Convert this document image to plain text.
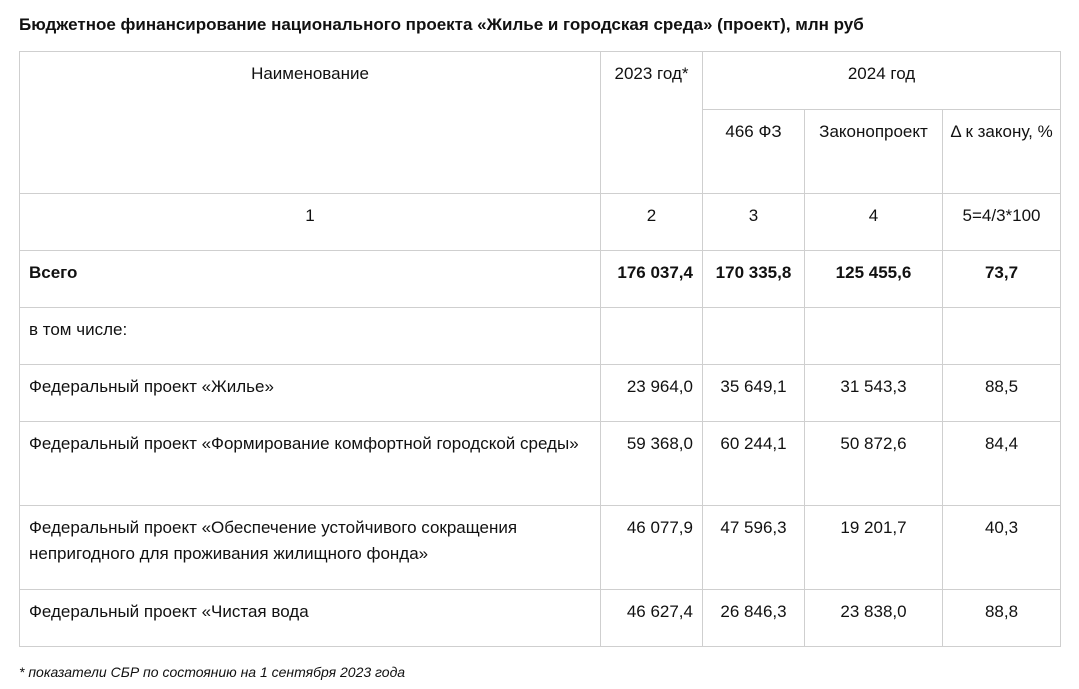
Бюджетное финансирование национального проекта «Жилье и городская среда» (проект), млн руб
Наименование	2023 год*	2024 год		
		466 ФЗ	Законопроект	Δ к закону, %
1	2	3	4	5=4/3*100
Всего	176 037,4	170 335,8	125 455,6	73,7
в том числе:				
Федеральный проект «Жилье»	23 964,0	35 649,1	31 543,3	88,5
Федеральный проект «Формирование комфортной городской среды»	59 368,0	60 244,1	50 872,6	84,4
Федеральный проект «Обеспечение устойчивого сокращения непригодного для проживания жилищного фонда»	46 077,9	47 596,3	19 201,7	40,3
Федеральный проект «Чистая вода	46 627,4	26 846,3	23 838,0	88,8
* показатели СБР по состоянию на 1 сентября 2023 года
